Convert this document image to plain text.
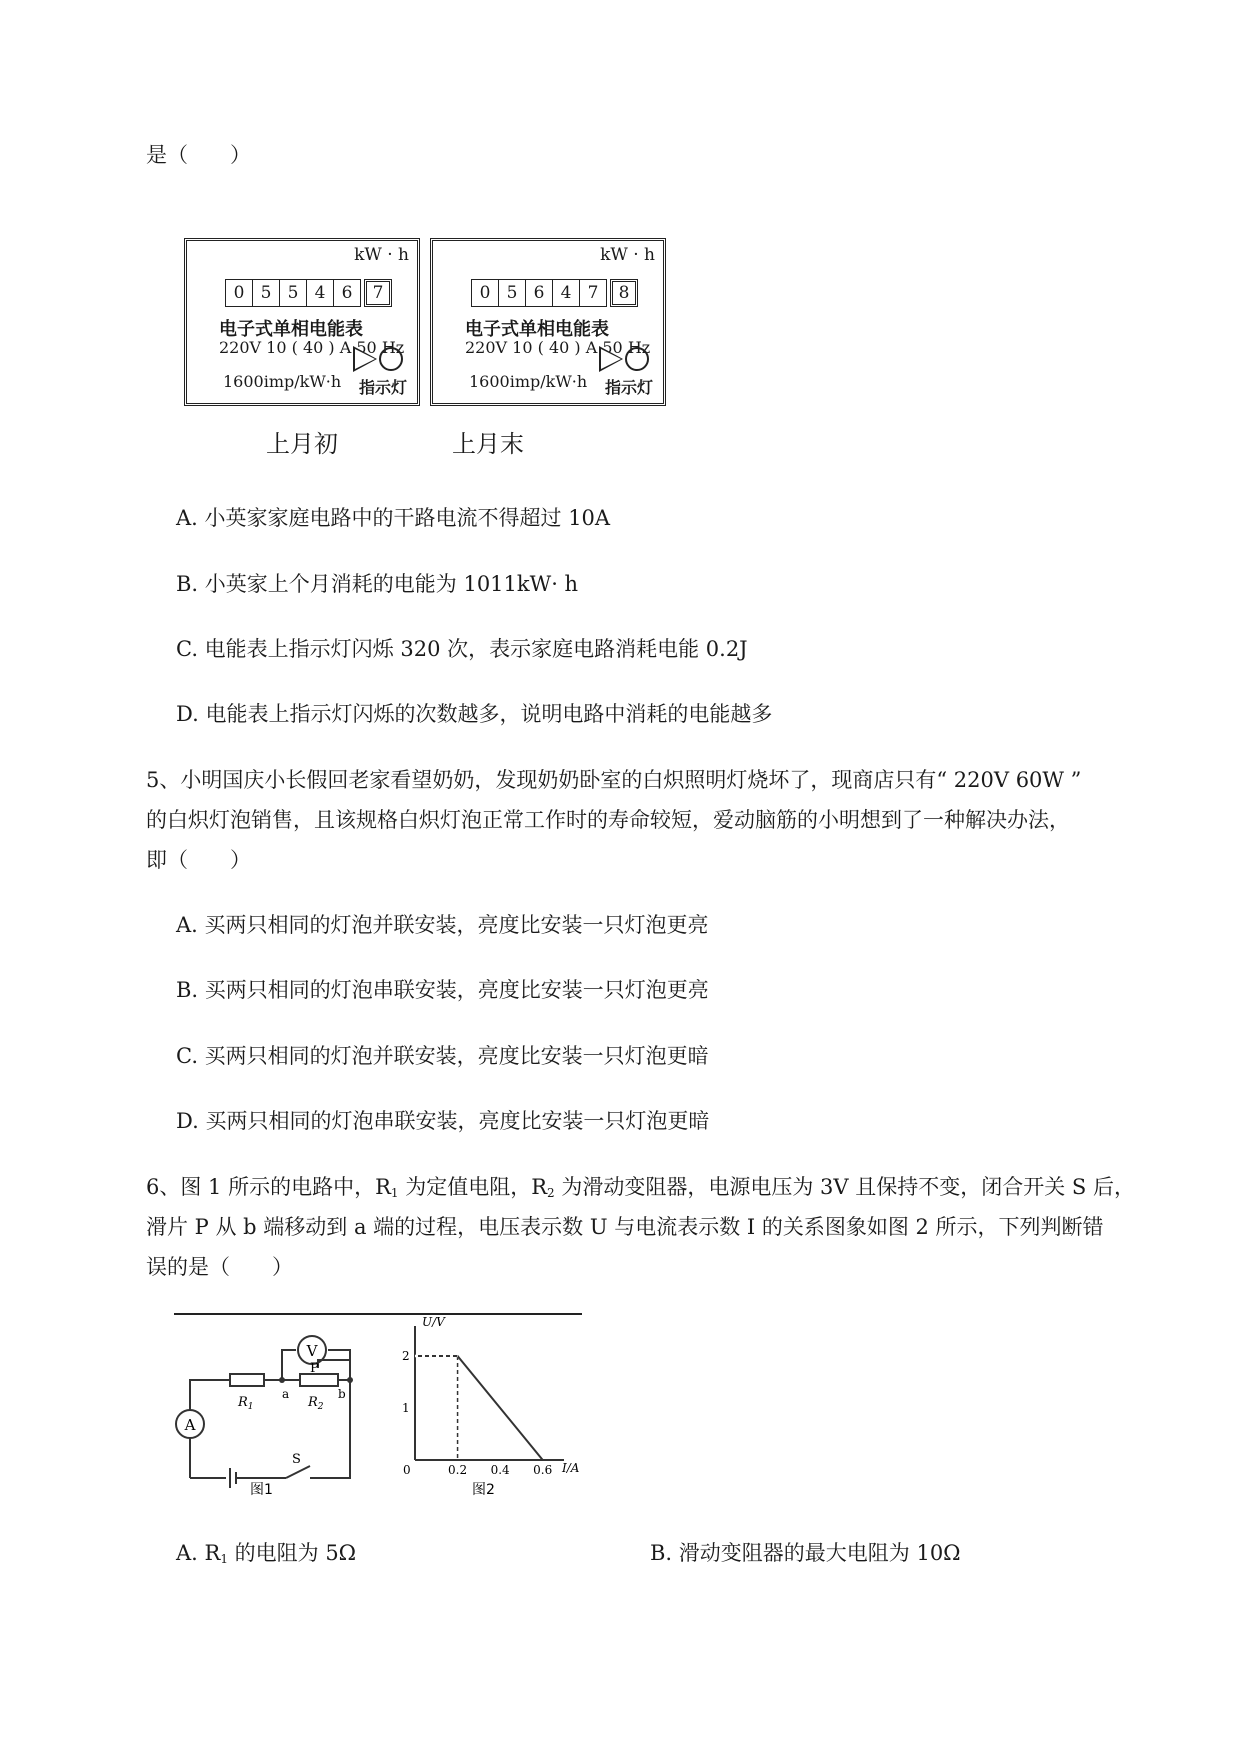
是（　　）
kW · h
0 5 5 4 6	7
电子式单相电能表
220V 10 ( 40 ) A 50 Hz
1600imp/kW·h 指示灯
上月初
kW · h
0 5 6 4 7	8
电子式单相电能表
220V 10 ( 40 ) A 50 Hz
1600imp/kW·h 指示灯
上月末
A. 小英家家庭电路中的干路电流不得超过 10A
B. 小英家上个月消耗的电能为 1011kW· h
C. 电能表上指示灯闪烁 320 次，表示家庭电路消耗电能 0.2J
D. 电能表上指示灯闪烁的次数越多，说明电路中消耗的电能越多
5、小明国庆小长假回老家看望奶奶，发现奶奶卧室的白炽照明灯烧坏了，现商店只有“ 220V 60W ”
的白炽灯泡销售，且该规格白炽灯泡正常工作时的寿命较短，爱动脑筋的小明想到了一种解决办法，
即（　　）
A. 买两只相同的灯泡并联安装，亮度比安装一只灯泡更亮
B. 买两只相同的灯泡串联安装，亮度比安装一只灯泡更亮
C. 买两只相同的灯泡并联安装，亮度比安装一只灯泡更暗
D. 买两只相同的灯泡串联安装，亮度比安装一只灯泡更暗
6、图 1 所示的电路中，$R_1$ 为定值电阻，$R_2$ 为滑动变阻器，电源电压为 3V 且保持不变，闭合开关 S 后，
滑片 P 从 b 端移动到 a 端的过程，电压表示数 U 与电流表示数 I 的关系图象如图 2 所示，下列判断错
误的是（　　）
V
A
$R_1$	$R_2$
P
a	b
S
图1
U/V
I/A
0
2
1
0.2 0.4 0.6
图2
A. $R_1$ 的电阻为 5Ω	B. 滑动变阻器的最大电阻为 10Ω
